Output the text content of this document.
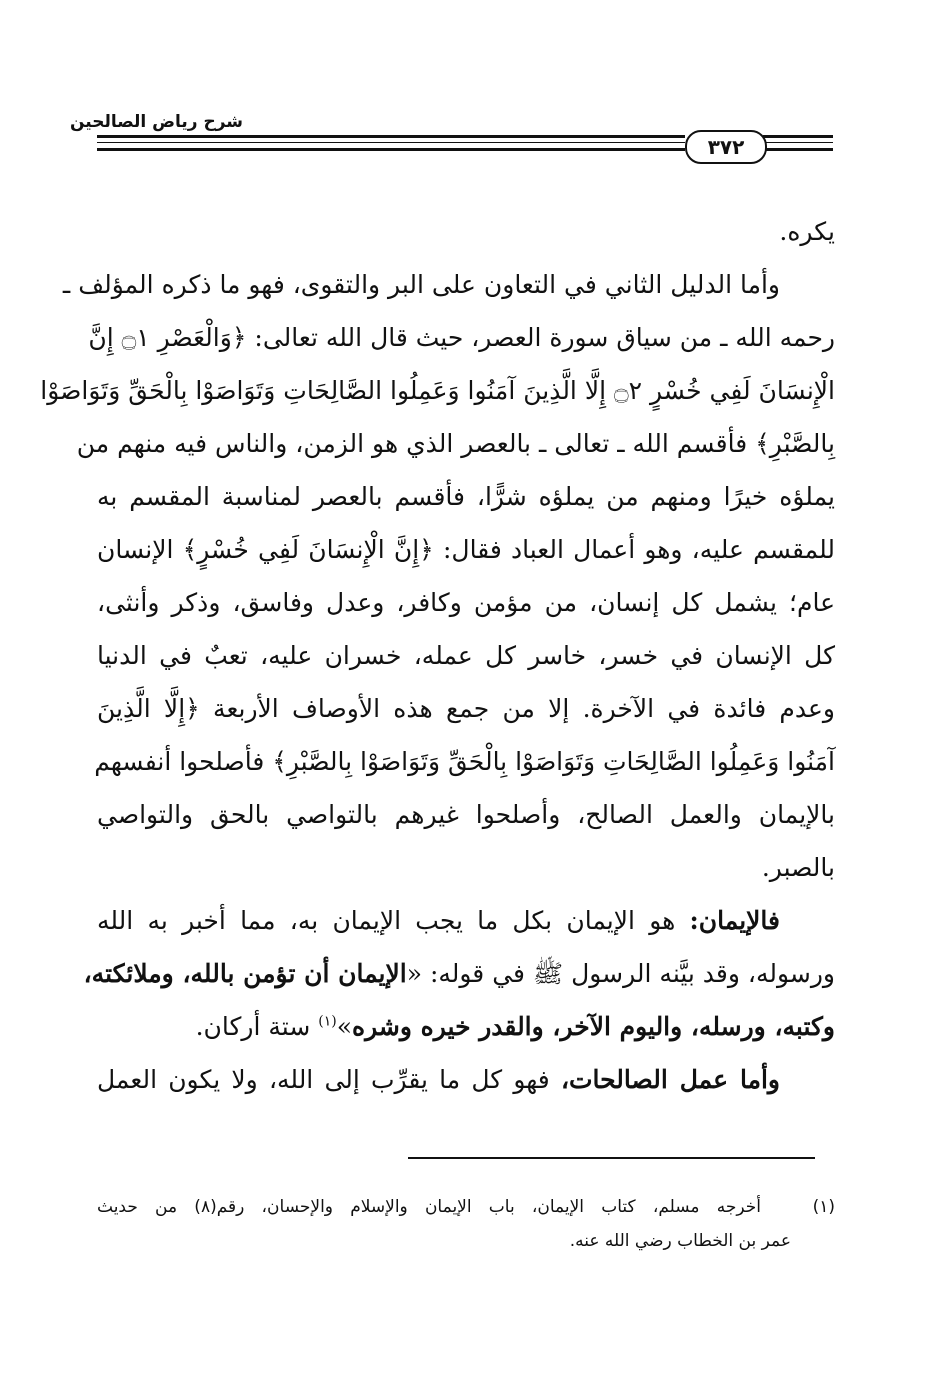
شرح رياض الصالحين
٣٧٢
يكره.
وأما الدليل الثاني في التعاون على البر والتقوى، فهو ما ذكره المؤلف ـ
رحمه الله ـ من سياق سورة العصر، حيث قال الله تعالى: ﴿وَالْعَصْرِ ۝١ إِنَّ
الْإِنسَانَ لَفِي خُسْرٍ ۝٢ إِلَّا الَّذِينَ آمَنُوا وَعَمِلُوا الصَّالِحَاتِ وَتَوَاصَوْا بِالْحَقِّ وَتَوَاصَوْا
بِالصَّبْرِ﴾ فأقسم الله ـ تعالى ـ بالعصر الذي هو الزمن، والناس فيه منهم من
يملؤه خيرًا ومنهم من يملؤه شرًّا، فأقسم بالعصر لمناسبة المقسم به
للمقسم عليه، وهو أعمال العباد فقال: ﴿إِنَّ الْإِنسَانَ لَفِي خُسْرٍ﴾ الإنسان
عام؛ يشمل كل إنسان، من مؤمن وكافر، وعدل وفاسق، وذكر وأنثى،
كل الإنسان في خسر، خاسر كل عمله، خسران عليه، تعبٌ في الدنيا
وعدم فائدة في الآخرة. إلا من جمع هذه الأوصاف الأربعة ﴿إِلَّا الَّذِينَ
آمَنُوا وَعَمِلُوا الصَّالِحَاتِ وَتَوَاصَوْا بِالْحَقِّ وَتَوَاصَوْا بِالصَّبْرِ﴾ فأصلحوا أنفسهم
بالإيمان والعمل الصالح، وأصلحوا غيرهم بالتواصي بالحق والتواصي
بالصبر.
فالإيمان: هو الإيمان بكل ما يجب الإيمان به، مما أخبر به الله
ورسوله، وقد بيَّنه الرسول ﷺ في قوله: «الإيمان أن تؤمن بالله، وملائكته،
وكتبه، ورسله، واليوم الآخر، والقدر خيره وشره»$^{(١)}$ ستة أركان.
وأما عمل الصالحات، فهو كل ما يقرِّب إلى الله، ولا يكون العمل
(١)   أخرجه مسلم، كتاب الإيمان، باب الإيمان والإسلام والإحسان، رقم(٨) من حديث
عمر بن الخطاب رضي الله عنه.
